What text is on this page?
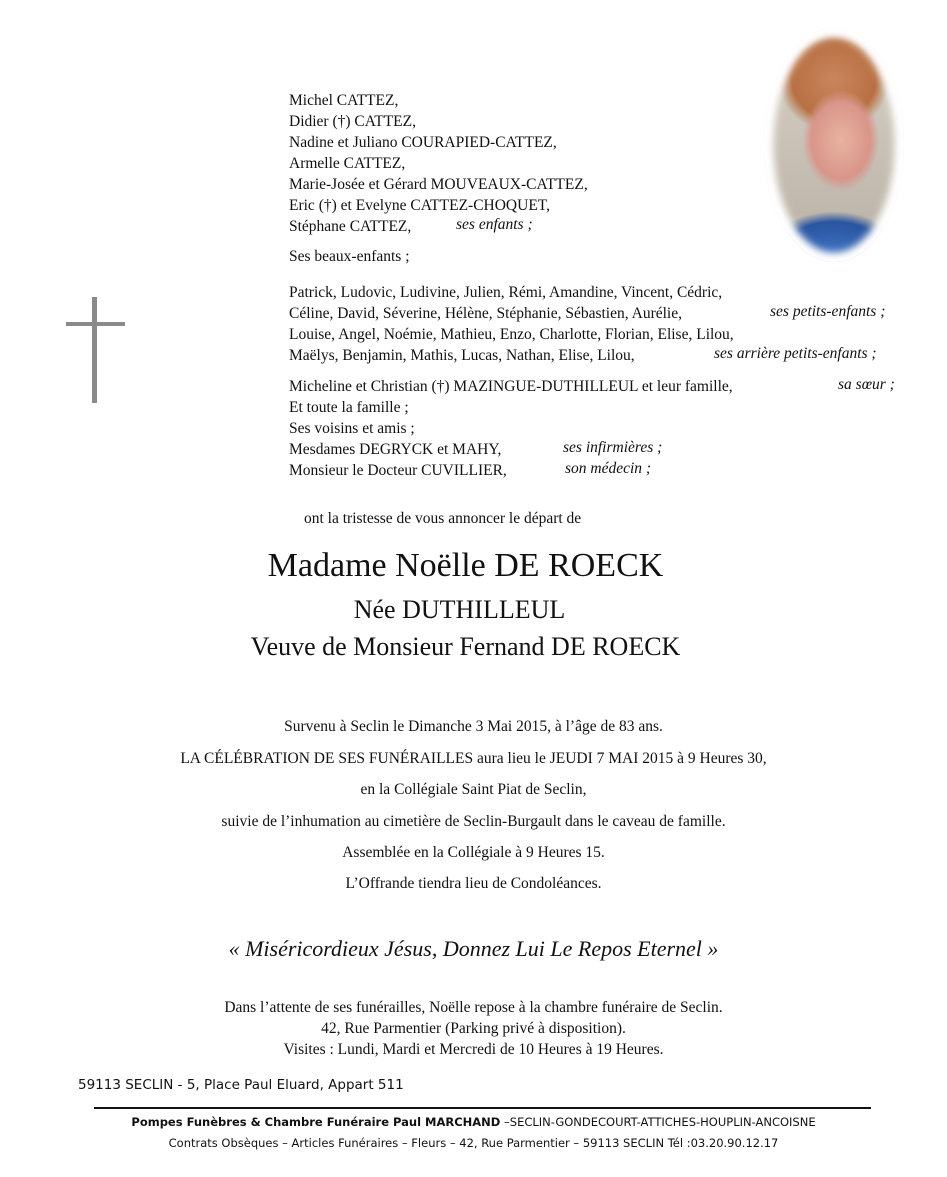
Michel CATTEZ,
Didier (†) CATTEZ,
Nadine et Juliano COURAPIED-CATTEZ,
Armelle CATTEZ,
Marie-Josée et Gérard MOUVEAUX-CATTEZ,
Eric (†) et Evelyne CATTEZ-CHOQUET,
Stéphane CATTEZ,	ses enfants ;
Ses beaux-enfants ;
Patrick, Ludovic, Ludivine, Julien, Rémi, Amandine, Vincent, Cédric,
Céline, David, Séverine, Hélène, Stéphanie, Sébastien, Aurélie,	ses petits-enfants ;
Louise, Angel, Noémie, Mathieu, Enzo, Charlotte, Florian, Elise, Lilou,
Maëlys, Benjamin, Mathis, Lucas, Nathan, Elise, Lilou,	ses arrière petits-enfants ;
Micheline et Christian (†) MAZINGUE-DUTHILLEUL et leur famille,	sa sœur ;
Et toute la famille ;
Ses voisins et amis ;
Mesdames DEGRYCK et MAHY,	ses infirmières ;
Monsieur le Docteur CUVILLIER,	son médecin ;
ont la tristesse de vous annoncer le départ de
Madame Noëlle DE ROECK
Née DUTHILLEUL
Veuve de Monsieur Fernand DE ROECK
Survenu à Seclin le Dimanche 3 Mai 2015, à l’âge de 83 ans.
LA CÉLÉBRATION DE SES FUNÉRAILLES aura lieu le JEUDI 7 MAI 2015 à 9 Heures 30,
en la Collégiale Saint Piat de Seclin,
suivie de l’inhumation au cimetière de Seclin-Burgault dans le caveau de famille.
Assemblée en la Collégiale à 9 Heures 15.
L’Offrande tiendra lieu de Condoléances.
« Miséricordieux Jésus, Donnez Lui Le Repos Eternel »
Dans l’attente de ses funérailles, Noëlle repose à la chambre funéraire de Seclin.
42, Rue Parmentier (Parking privé à disposition).
Visites : Lundi, Mardi et Mercredi de 10 Heures à 19 Heures.
59113 SECLIN - 5, Place Paul Eluard, Appart 511
Pompes Funèbres & Chambre Funéraire Paul MARCHAND –SECLIN-GONDECOURT-ATTICHES-HOUPLIN-ANCOISNE
Contrats Obsèques – Articles Funéraires – Fleurs – 42, Rue Parmentier – 59113 SECLIN Tél :03.20.90.12.17
